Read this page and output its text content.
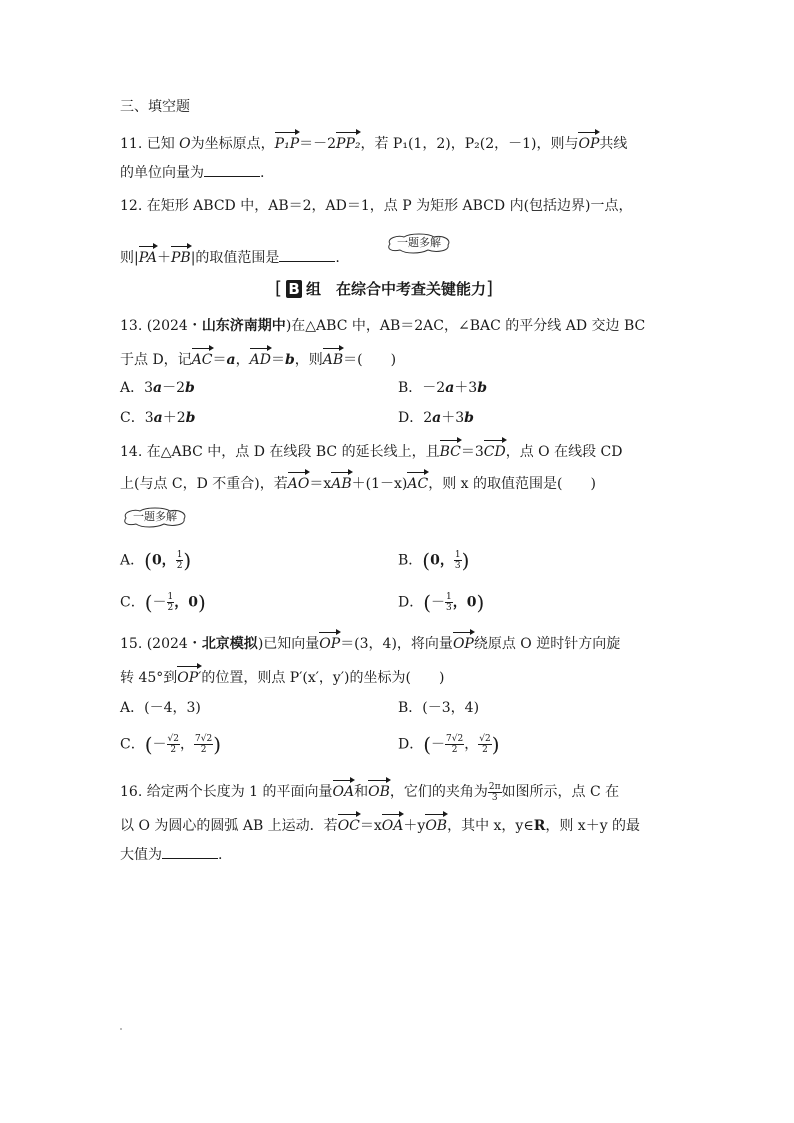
三、填空题
11. 已知 O为坐标原点，P₁P＝－2PP₂，若 P₁(1，2)，P₂(2，－1)，则与OP共线
的单位向量为	.
12. 在矩形 ABCD 中，AB＝2，AD＝1，点 P 为矩形 ABCD 内(包括边界)一点，
则|PA＋PB|的取值范围是	.
一题多解
[ B 组　在综合中考查关键能力]
13. (2024・山东济南期中)在△ABC 中，AB＝2AC，∠BAC 的平分线 AD 交边 BC
于点 D，记AC＝a，AD＝b，则AB＝(　　)
A．3a－2b	B．－2a＋3b
C．3a＋2b	D．2a＋3b
14. 在△ABC 中，点 D 在线段 BC 的延长线上，且BC＝3CD，点 O 在线段 CD
上(与点 C，D 不重合)，若AO＝xAB＋(1－x)AC，则 x 的取值范围是(　　)
一题多解
A．(0， $\frac{1}{2}$ )	B．(0， $\frac{1}{3}$ )
C．(－ $\frac{1}{2}$ ，0)	D．(－ $\frac{1}{3}$ ，0)
15. (2024・北京模拟)已知向量OP＝(3，4)，将向量OP绕原点 O 逆时针方向旋
转 45°到OP′的位置，则点 P′(x′，y′)的坐标为(　　)
A．(－4，3)	B．(－3，4)
C．(－ $\frac{√2}{2}$ ， $\frac{7√2}{2}$ )	D．(－ $\frac{7√2}{2}$ ， $\frac{√2}{2}$ )
16. 给定两个长度为 1 的平面向量OA和OB，它们的夹角为 $\frac{2\pi}{3}$ 如图所示，点 C 在
以 O 为圆心的圆弧 AB 上运动．若OC＝xOA＋yOB，其中 x，y∈R，则 x＋y 的最
大值为	.
